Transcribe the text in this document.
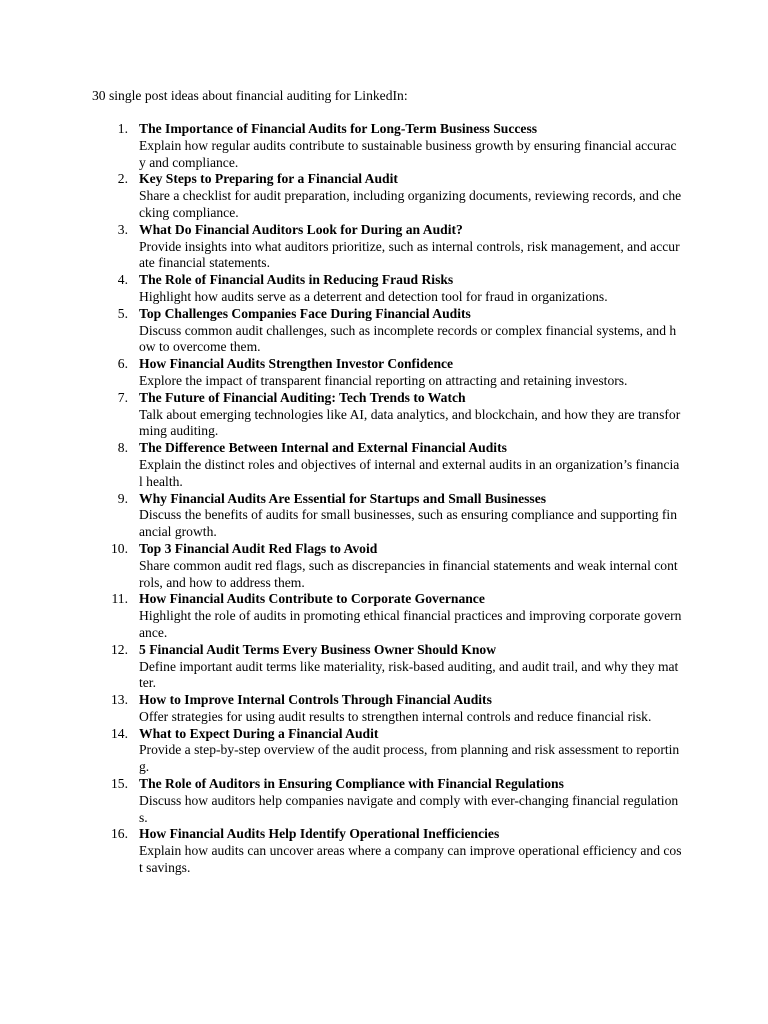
30 single post ideas about financial auditing for LinkedIn:
1. The Importance of Financial Audits for Long-Term Business Success
Explain how regular audits contribute to sustainable business growth by ensuring financial accuracy and compliance.
2. Key Steps to Preparing for a Financial Audit
Share a checklist for audit preparation, including organizing documents, reviewing records, and checking compliance.
3. What Do Financial Auditors Look for During an Audit?
Provide insights into what auditors prioritize, such as internal controls, risk management, and accurate financial statements.
4. The Role of Financial Audits in Reducing Fraud Risks
Highlight how audits serve as a deterrent and detection tool for fraud in organizations.
5. Top Challenges Companies Face During Financial Audits
Discuss common audit challenges, such as incomplete records or complex financial systems, and how to overcome them.
6. How Financial Audits Strengthen Investor Confidence
Explore the impact of transparent financial reporting on attracting and retaining investors.
7. The Future of Financial Auditing: Tech Trends to Watch
Talk about emerging technologies like AI, data analytics, and blockchain, and how they are transforming auditing.
8. The Difference Between Internal and External Financial Audits
Explain the distinct roles and objectives of internal and external audits in an organization’s financial health.
9. Why Financial Audits Are Essential for Startups and Small Businesses
Discuss the benefits of audits for small businesses, such as ensuring compliance and supporting financial growth.
10. Top 3 Financial Audit Red Flags to Avoid
Share common audit red flags, such as discrepancies in financial statements and weak internal controls, and how to address them.
11. How Financial Audits Contribute to Corporate Governance
Highlight the role of audits in promoting ethical financial practices and improving corporate governance.
12. 5 Financial Audit Terms Every Business Owner Should Know
Define important audit terms like materiality, risk-based auditing, and audit trail, and why they matter.
13. How to Improve Internal Controls Through Financial Audits
Offer strategies for using audit results to strengthen internal controls and reduce financial risk.
14. What to Expect During a Financial Audit
Provide a step-by-step overview of the audit process, from planning and risk assessment to reporting.
15. The Role of Auditors in Ensuring Compliance with Financial Regulations
Discuss how auditors help companies navigate and comply with ever-changing financial regulations.
16. How Financial Audits Help Identify Operational Inefficiencies
Explain how audits can uncover areas where a company can improve operational efficiency and cost savings.
